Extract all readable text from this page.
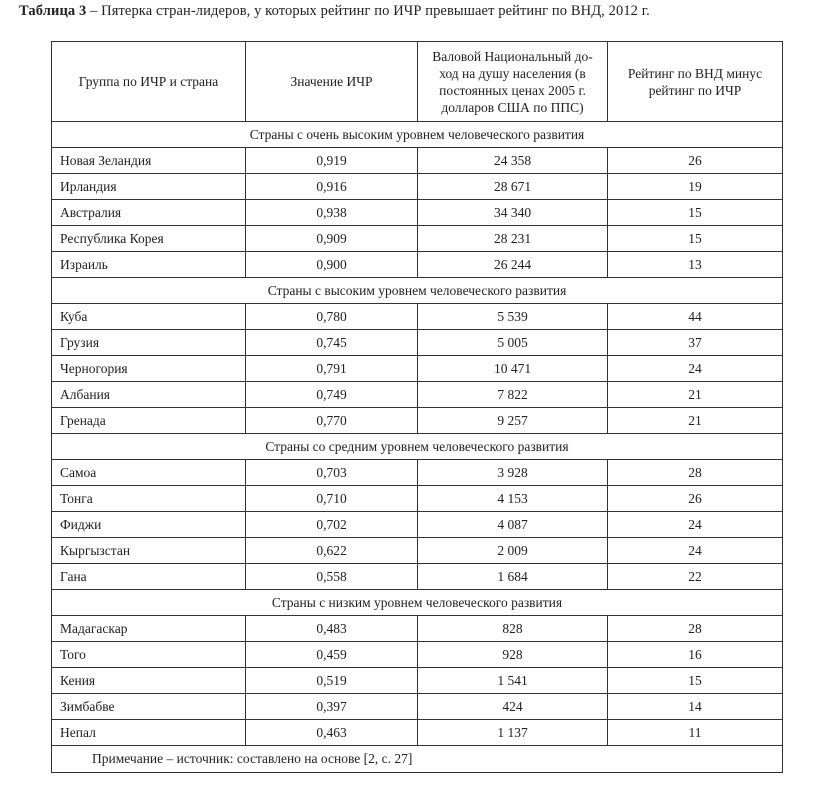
Таблица 3 – Пятерка стран-лидеров, у которых рейтинг по ИЧР превышает рейтинг по ВНД, 2012 г.
Группа по ИЧР и страна	Значение ИЧР	Валовой Национальный до-ход на душу населения (в постоянных ценах 2005 г. долларов США по ППС)	Рейтинг по ВНД минус рейтинг по ИЧР
Страны с очень высоким уровнем человеческого развития			
Новая Зеландия	0,919	24 358	26
Ирландия	0,916	28 671	19
Австралия	0,938	34 340	15
Республика Корея	0,909	28 231	15
Израиль	0,900	26 244	13
Страны с высоким уровнем человеческого развития			
Куба	0,780	5 539	44
Грузия	0,745	5 005	37
Черногория	0,791	10 471	24
Албания	0,749	7 822	21
Гренада	0,770	9 257	21
Страны со средним уровнем человеческого развития			
Самоа	0,703	3 928	28
Тонга	0,710	4 153	26
Фиджи	0,702	4 087	24
Кыргызстан	0,622	2 009	24
Гана	0,558	1 684	22
Страны с низким уровнем человеческого развития			
Мадагаскар	0,483	828	28
Того	0,459	928	16
Кения	0,519	1 541	15
Зимбабве	0,397	424	14
Непал	0,463	1 137	11
Примечание – источник: составлено на основе [2, с. 27]			
